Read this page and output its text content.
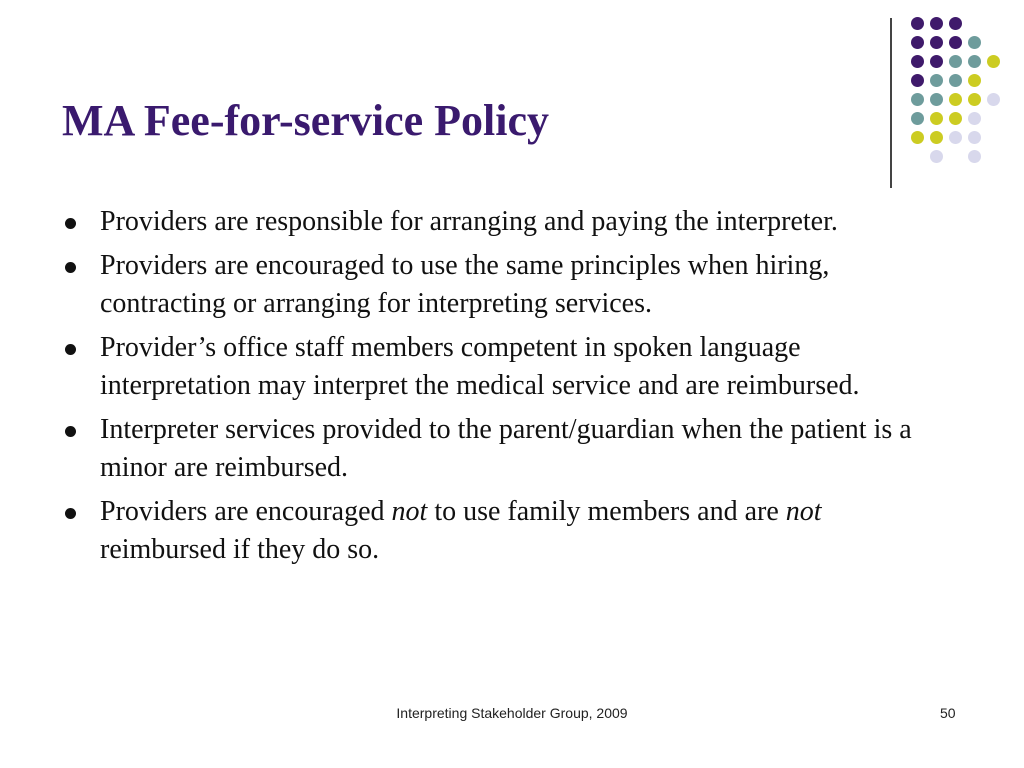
MA Fee-for-service Policy
Providers are responsible for arranging and paying the interpreter.
Providers are encouraged to use the same principles when hiring, contracting or arranging for interpreting services.
Provider’s office staff members competent in spoken language interpretation may interpret the medical service and are reimbursed.
Interpreter services provided to the parent/guardian when the patient is a minor are reimbursed.
Providers are encouraged not to use family members and are not reimbursed if they do so.
Interpreting Stakeholder Group, 2009	50
